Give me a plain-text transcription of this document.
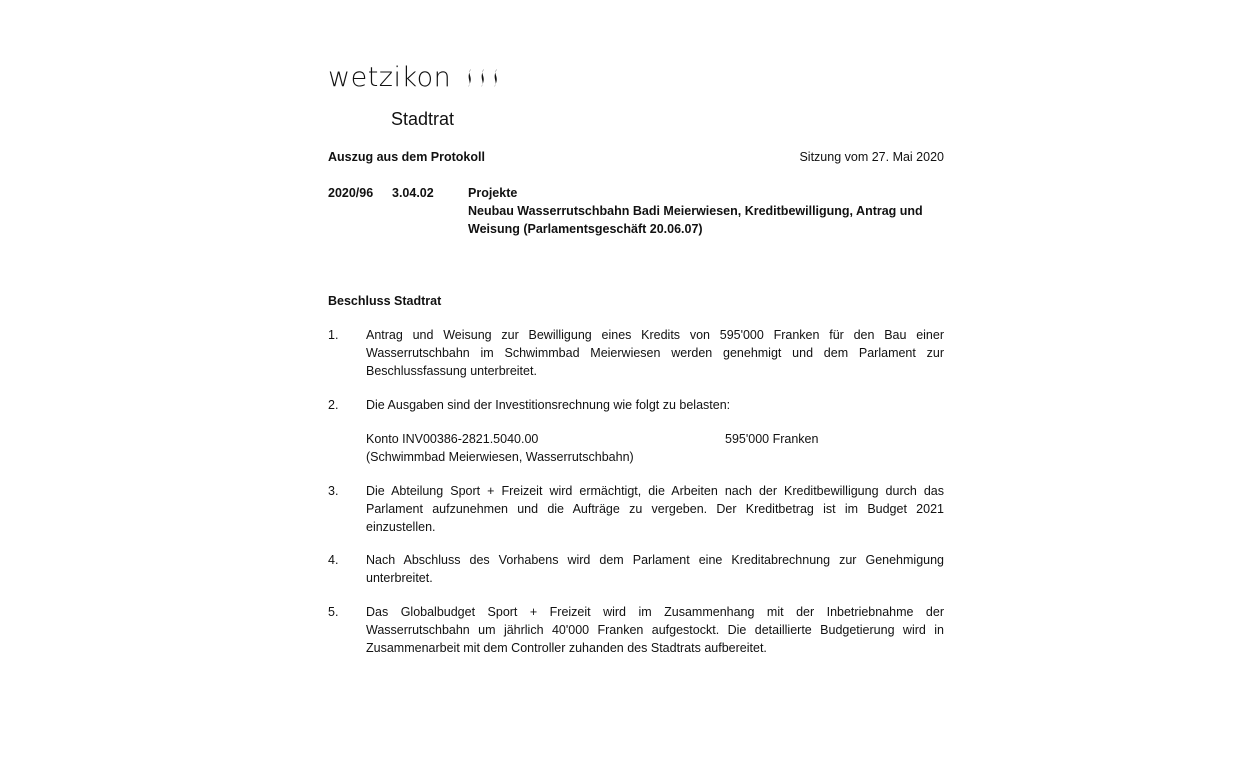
wetzikon
Stadtrat
Auszug aus dem Protokoll	Sitzung vom 27. Mai 2020
2020/96 3.04.02	Projekte
Neubau Wasserrutschbahn Badi Meierwiesen, Kreditbewilligung, Antrag und Weisung (Parlamentsgeschäft 20.06.07)
Beschluss Stadtrat
1.	Antrag und Weisung zur Bewilligung eines Kredits von 595'000 Franken für den Bau einer Wasserrutschbahn im Schwimmbad Meierwiesen werden genehmigt und dem Parlament zur Beschlussfassung unterbreitet.
2.	Die Ausgaben sind der Investitionsrechnung wie folgt zu belasten:
Konto INV00386-2821.5040.00	595'000 Franken
(Schwimmbad Meierwiesen, Wasserrutschbahn)
3.	Die Abteilung Sport + Freizeit wird ermächtigt, die Arbeiten nach der Kreditbewilligung durch das Parlament aufzunehmen und die Aufträge zu vergeben. Der Kreditbetrag ist im Budget 2021 einzustellen.
4.	Nach Abschluss des Vorhabens wird dem Parlament eine Kreditabrechnung zur Genehmigung unterbreitet.
5.	Das Globalbudget Sport + Freizeit wird im Zusammenhang mit der Inbetriebnahme der Wasserrutschbahn um jährlich 40'000 Franken aufgestockt. Die detaillierte Budgetierung wird in Zusammenarbeit mit dem Controller zuhanden des Stadtrats aufbereitet.
